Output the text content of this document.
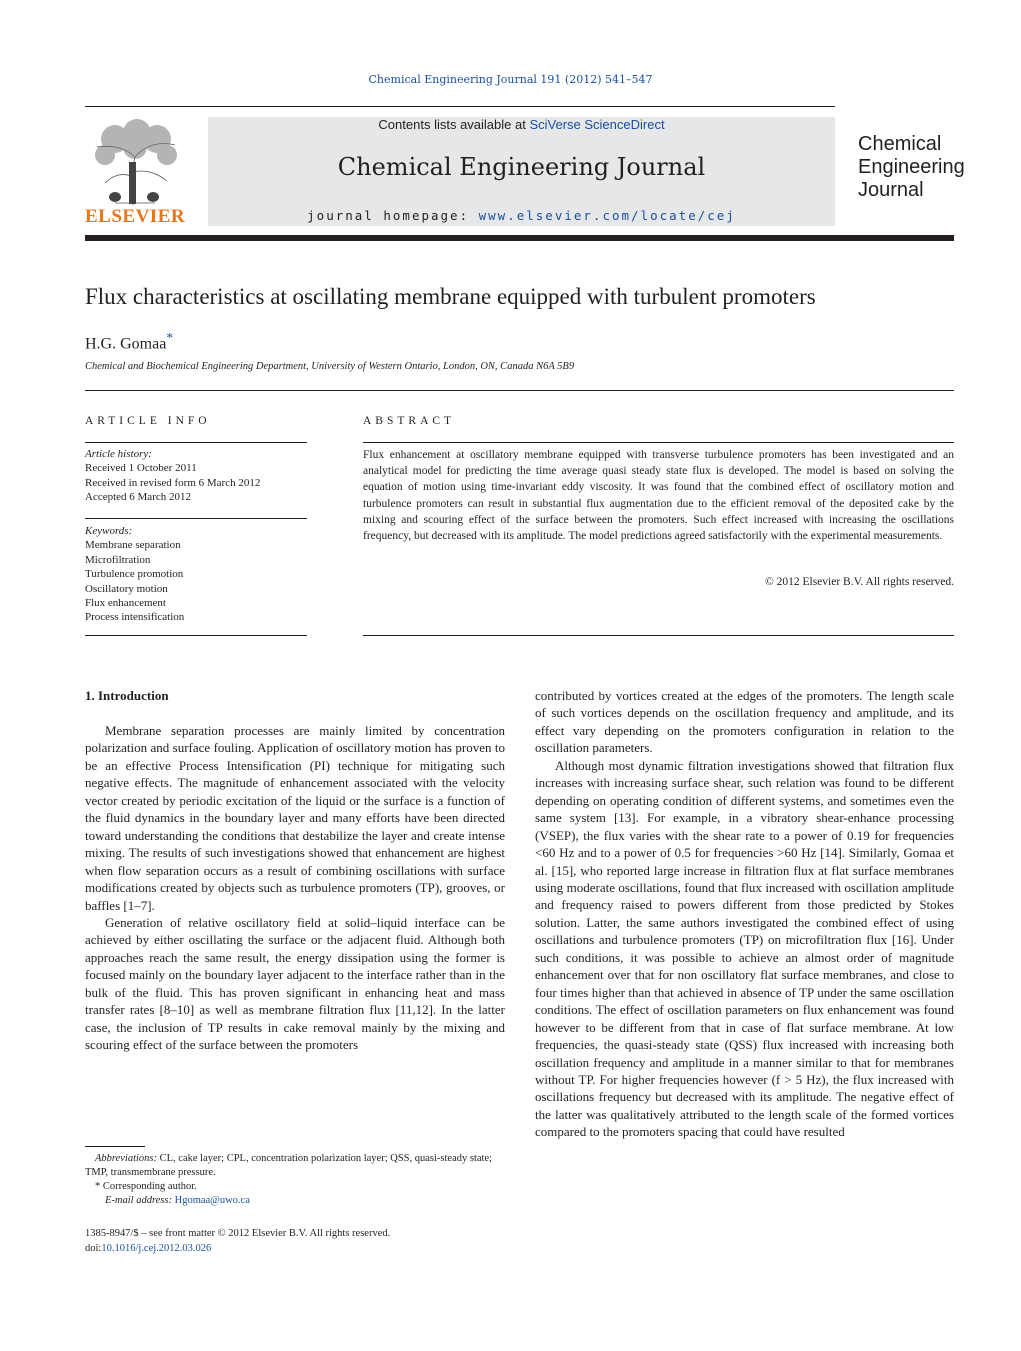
Chemical Engineering Journal 191 (2012) 541–547
ELSEVIER
Contents lists available at SciVerse ScienceDirect
Chemical Engineering Journal
journal homepage: www.elsevier.com/locate/cej
Chemical
Engineering
Journal
Flux characteristics at oscillating membrane equipped with turbulent promoters
H.G. Gomaa*
Chemical and Biochemical Engineering Department, University of Western Ontario, London, ON, Canada N6A 5B9
ARTICLE INFO
Article history:
Received 1 October 2011
Received in revised form 6 March 2012
Accepted 6 March 2012
Keywords:
Membrane separation
Microfiltration
Turbulence promotion
Oscillatory motion
Flux enhancement
Process intensification
ABSTRACT
Flux enhancement at oscillatory membrane equipped with transverse turbulence promoters has been investigated and an analytical model for predicting the time average quasi steady state flux is developed. The model is based on solving the equation of motion using time-invariant eddy viscosity. It was found that the combined effect of oscillatory motion and turbulence promoters can result in substantial flux augmentation due to the efficient removal of the deposited cake by the mixing and scouring effect of the surface between the promoters. Such effect increased with increasing the oscillations frequency, but decreased with its amplitude. The model predictions agreed satisfactorily with the experimental measurements.
© 2012 Elsevier B.V. All rights reserved.
1. Introduction

Membrane separation processes are mainly limited by concentration polarization and surface fouling. Application of oscillatory motion has proven to be an effective Process Intensification (PI) technique for mitigating such negative effects. The magnitude of enhancement associated with the velocity vector created by periodic excitation of the liquid or the surface is a function of the fluid dynamics in the boundary layer and many efforts have been directed toward understanding the conditions that destabilize the layer and create intense mixing. The results of such investigations showed that enhancement are highest when flow separation occurs as a result of combining oscillations with surface modifications created by objects such as turbulence promoters (TP), grooves, or baffles [1–7].

Generation of relative oscillatory field at solid–liquid interface can be achieved by either oscillating the surface or the adjacent fluid. Although both approaches reach the same result, the energy dissipation using the former is focused mainly on the boundary layer adjacent to the interface rather than in the bulk of the fluid. This has proven significant in enhancing heat and mass transfer rates [8–10] as well as membrane filtration flux [11,12]. In the latter case, the inclusion of TP results in cake removal mainly by the mixing and scouring effect of the surface between the promoters

contributed by vortices created at the edges of the promoters. The length scale of such vortices depends on the oscillation frequency and amplitude, and its effect vary depending on the promoters configuration in relation to the oscillation parameters.

Although most dynamic filtration investigations showed that filtration flux increases with increasing surface shear, such relation was found to be different depending on operating condition of different systems, and sometimes even the same system [13]. For example, in a vibratory shear-enhance processing (VSEP), the flux varies with the shear rate to a power of 0.19 for frequencies <60 Hz and to a power of 0.5 for frequencies >60 Hz [14]. Similarly, Gomaa et al. [15], who reported large increase in filtration flux at flat surface membranes using moderate oscillations, found that flux increased with oscillation amplitude and frequency raised to powers different from those predicted by Stokes solution. Latter, the same authors investigated the combined effect of using oscillations and turbulence promoters (TP) on microfiltration flux [16]. Under such conditions, it was possible to achieve an almost order of magnitude enhancement over that for non oscillatory flat surface membranes, and close to four times higher than that achieved in absence of TP under the same oscillation conditions. The effect of oscillation parameters on flux enhancement was found however to be different from that in case of flat surface membrane. At low frequencies, the quasi-steady state (QSS) flux increased with increasing both oscillation frequency and amplitude in a manner similar to that for membranes without TP. For higher frequencies however (f > 5 Hz), the flux increased with oscillations frequency but decreased with its amplitude. The negative effect of the latter was qualitatively attributed to the length scale of the formed vortices compared to the promoters spacing that could have resulted

Abbreviations: CL, cake layer; CPL, concentration polarization layer; QSS, quasi-steady state; TMP, transmembrane pressure.
* Corresponding author.
E-mail address: Hgomaa@uwo.ca
1385-8947/$ – see front matter © 2012 Elsevier B.V. All rights reserved.
doi:10.1016/j.cej.2012.03.026
